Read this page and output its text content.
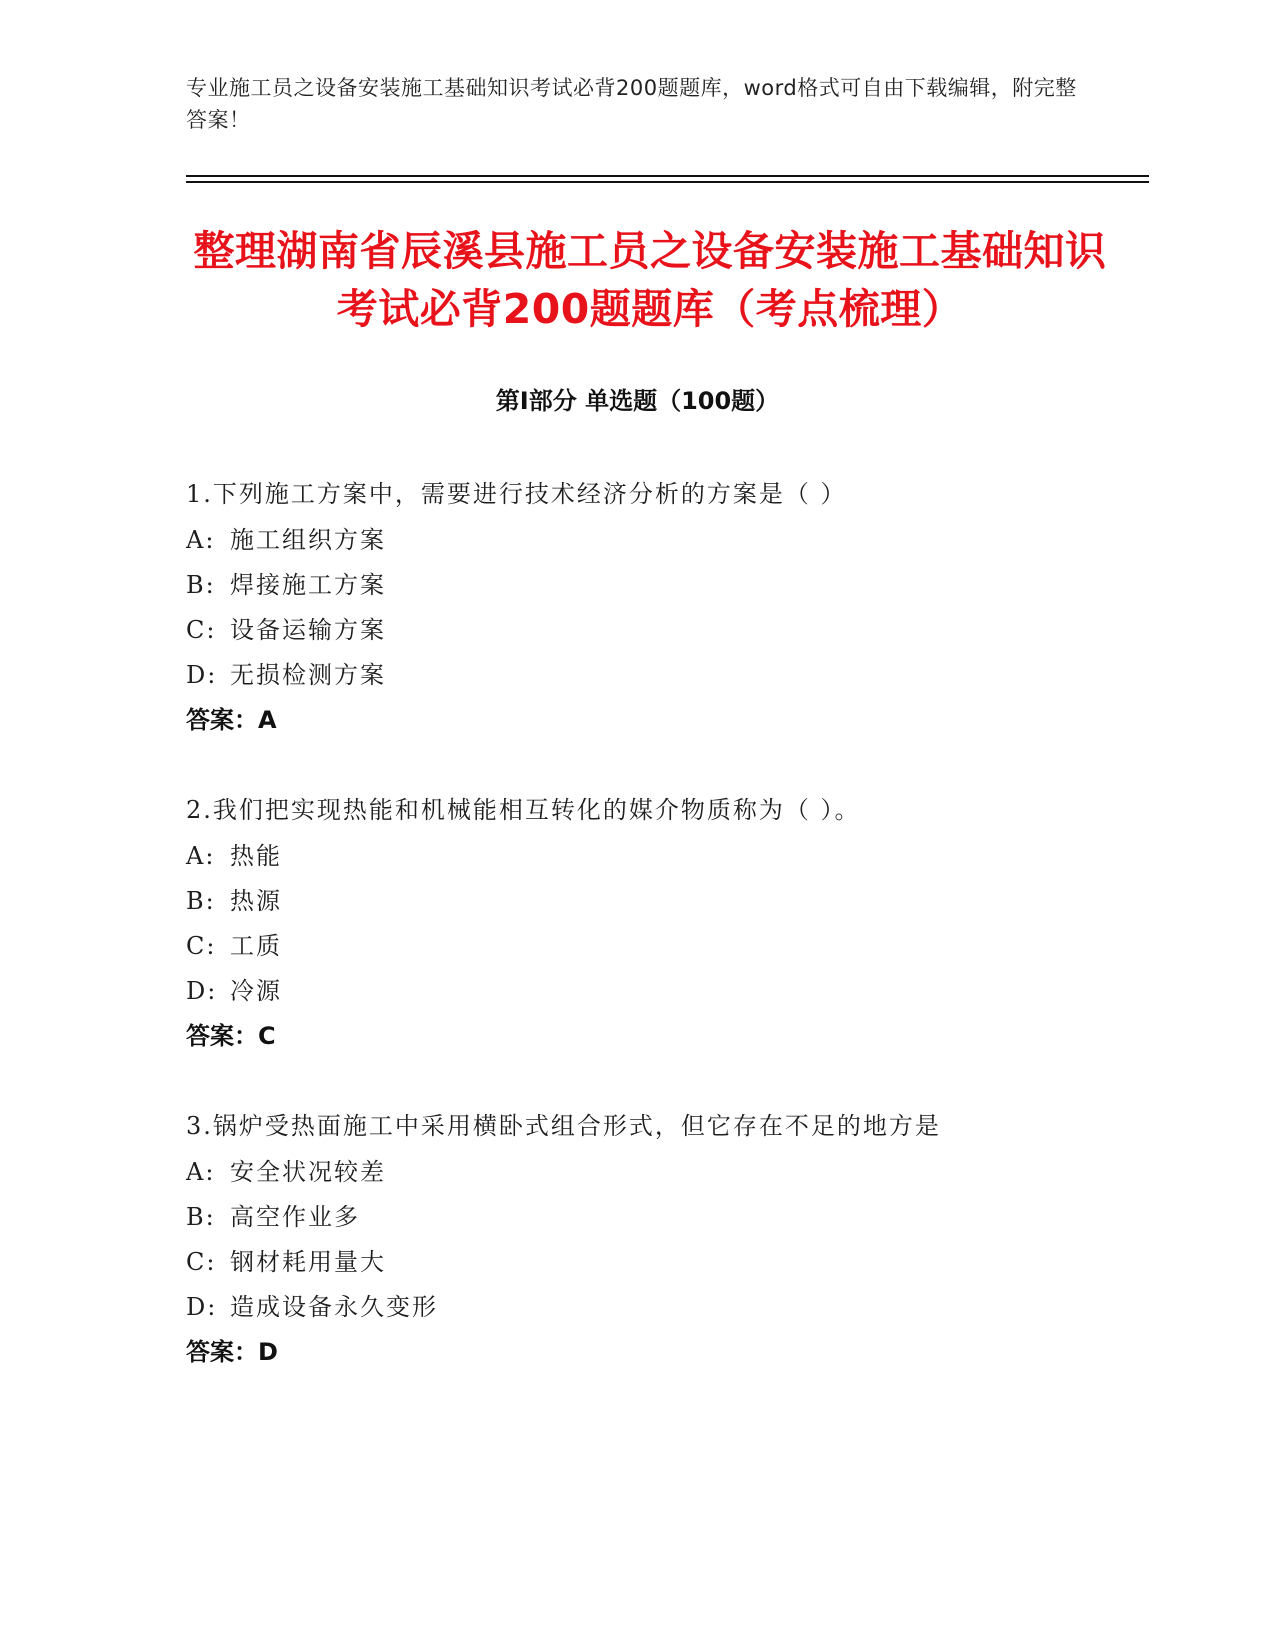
专业施工员之设备安装施工基础知识考试必背200题题库，word格式可自由下载编辑，附完整答案！
整理湖南省辰溪县施工员之设备安装施工基础知识考试必背200题题库（考点梳理）
第Ⅰ部分 单选题（100题）
1.下列施工方案中，需要进行技术经济分析的方案是（ ）
A: 施工组织方案
B: 焊接施工方案
C: 设备运输方案
D: 无损检测方案
答案：A
2.我们把实现热能和机械能相互转化的媒介物质称为（ ）。
A: 热能
B: 热源
C: 工质
D: 冷源
答案：C
3.锅炉受热面施工中采用横卧式组合形式，但它存在不足的地方是
A: 安全状况较差
B: 高空作业多
C: 钢材耗用量大
D: 造成设备永久变形
答案：D
